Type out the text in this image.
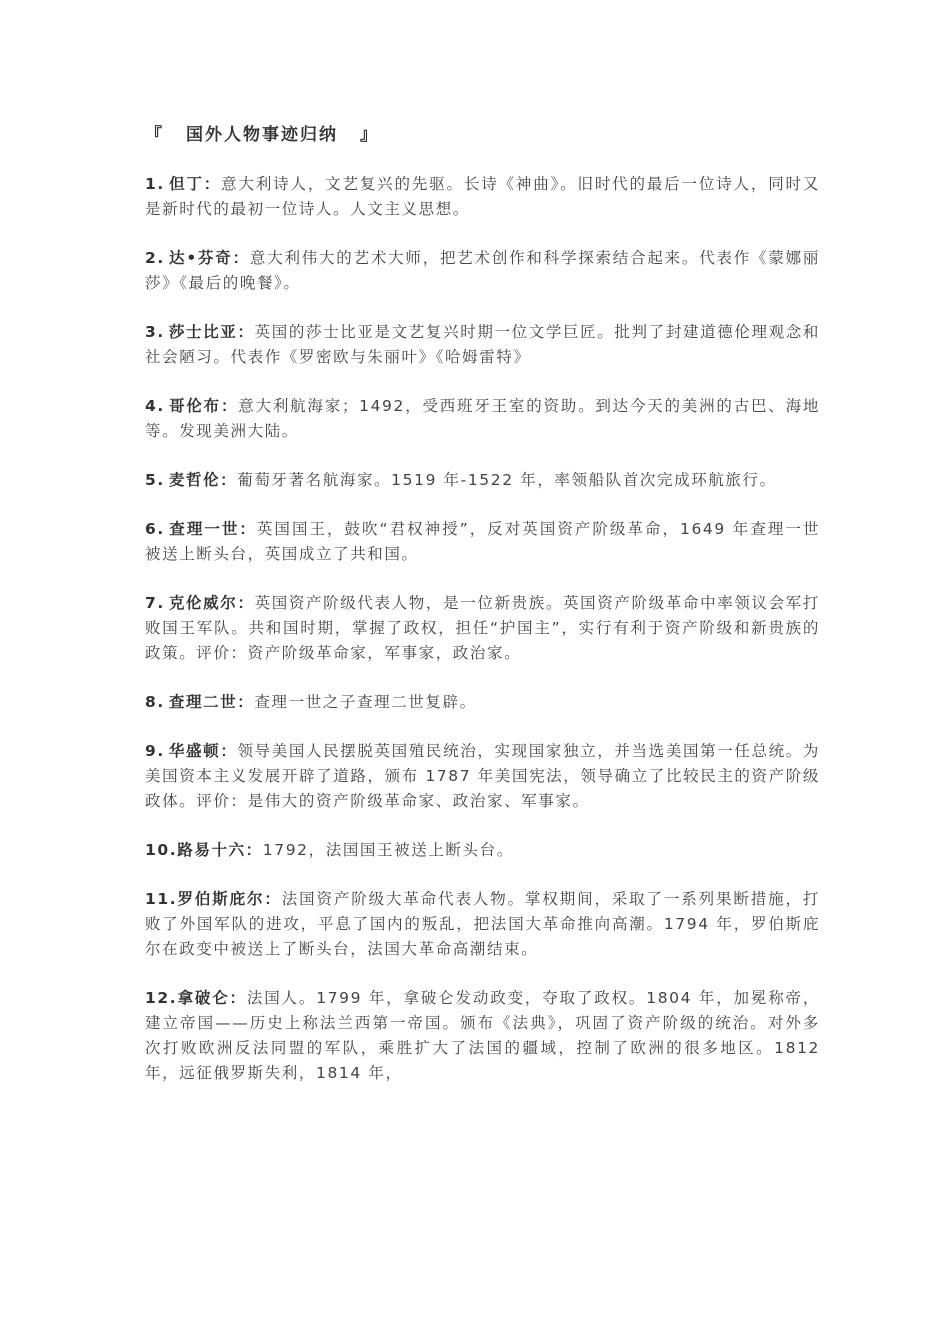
『 国外人物事迹归纳 』

1. 但丁：意大利诗人，文艺复兴的先驱。长诗《神曲》。旧时代的最后一位诗人，同时又是新时代的最初一位诗人。人文主义思想。

2. 达•芬奇：意大利伟大的艺术大师，把艺术创作和科学探索结合起来。代表作《蒙娜丽莎》《最后的晚餐》。

3. 莎士比亚：英国的莎士比亚是文艺复兴时期一位文学巨匠。批判了封建道德伦理观念和社会陋习。代表作《罗密欧与朱丽叶》《哈姆雷特》

4. 哥伦布：意大利航海家；1492，受西班牙王室的资助。到达今天的美洲的古巴、海地等。发现美洲大陆。

5. 麦哲伦：葡萄牙著名航海家。1519 年-1522 年，率领船队首次完成环航旅行。

6. 查理一世：英国国王，鼓吹“君权神授”，反对英国资产阶级革命，1649 年查理一世被送上断头台，英国成立了共和国。

7. 克伦威尔：英国资产阶级代表人物，是一位新贵族。英国资产阶级革命中率领议会军打败国王军队。共和国时期，掌握了政权，担任“护国主”，实行有利于资产阶级和新贵族的政策。评价：资产阶级革命家，军事家，政治家。

8. 查理二世：查理一世之子查理二世复辟。

9. 华盛顿：领导美国人民摆脱英国殖民统治，实现国家独立，并当选美国第一任总统。为美国资本主义发展开辟了道路，颁布 1787 年美国宪法，领导确立了比较民主的资产阶级政体。评价：是伟大的资产阶级革命家、政治家、军事家。

10.路易十六：1792，法国国王被送上断头台。

11.罗伯斯庇尔：法国资产阶级大革命代表人物。掌权期间，采取了一系列果断措施，打败了外国军队的进攻，平息了国内的叛乱，把法国大革命推向高潮。1794 年，罗伯斯庇尔在政变中被送上了断头台，法国大革命高潮结束。

12.拿破仑：法国人。1799 年，拿破仑发动政变，夺取了政权。1804 年，加冕称帝，建立帝国——历史上称法兰西第一帝国。颁布《法典》，巩固了资产阶级的统治。对外多次打败欧洲反法同盟的军队，乘胜扩大了法国的疆域，控制了欧洲的很多地区。1812 年，远征俄罗斯失利，1814 年，
